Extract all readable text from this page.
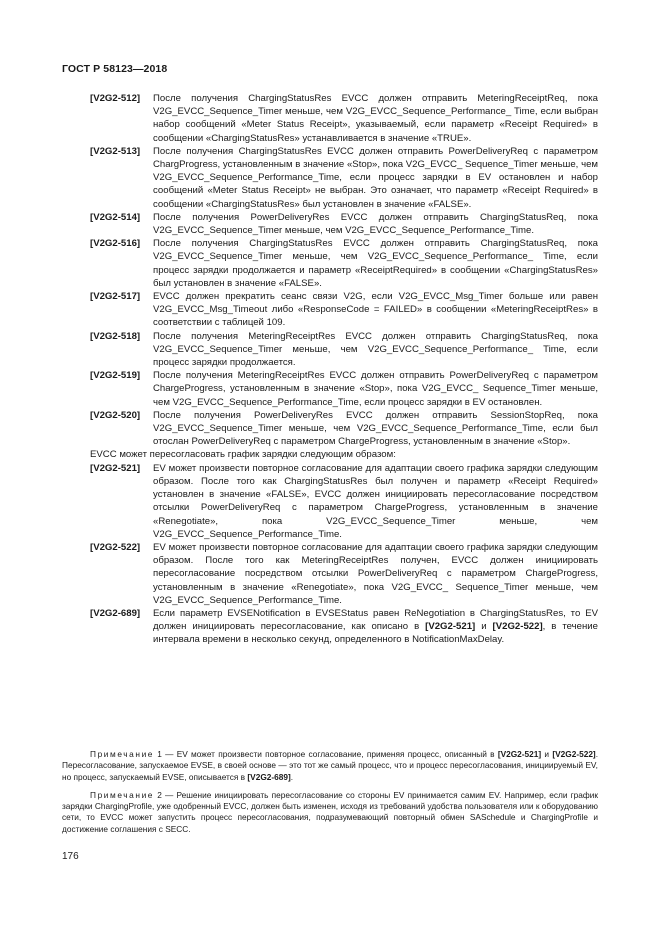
ГОСТ Р 58123—2018
[V2G2-512]	После получения ChargingStatusRes EVCC должен отправить MeteringReceiptReq, пока V2G_EVCC_Sequence_Timer меньше, чем V2G_EVCC_Sequence_Performance_ Time, если выбран набор сообщений «Meter Status Receipt», указываемый, если параметр «Receipt Required» в сообщении «ChargingStatusRes» устанавливается в значение «TRUE».
[V2G2-513]	После получения ChargingStatusRes EVCC должен отправить PowerDeliveryReq с параметром ChargProgress, установленным в значение «Stop», пока V2G_EVCC_ Sequence_Timer меньше, чем V2G_EVCC_Sequence_Performance_Time, если процесс зарядки в EV остановлен и набор сообщений «Meter Status Receipt» не выбран. Это означает, что параметр «Receipt Required» в сообщении «ChargingStatusRes» был установлен в значение «FALSE».
[V2G2-514]	После получения PowerDeliveryRes EVCC должен отправить ChargingStatusReq, пока V2G_EVCC_Sequence_Timer меньше, чем V2G_EVCC_Sequence_Performance_Time.
[V2G2-516]	После получения ChargingStatusRes EVCC должен отправить ChargingStatusReq, пока V2G_EVCC_Sequence_Timer меньше, чем V2G_EVCC_Sequence_Performance_ Time, если процесс зарядки продолжается и параметр «ReceiptRequired» в сообщении «ChargingStatusRes» был установлен в значение «FALSE».
[V2G2-517]	EVCC должен прекратить сеанс связи V2G, если V2G_EVCC_Msg_Timer больше или равен V2G_EVCC_Msg_Timeout либо «ResponseCode = FAILED» в сообщении «MeteringReceiptRes» в соответствии с таблицей 109.
[V2G2-518]	После получения MeteringReceiptRes EVCC должен отправить ChargingStatusReq, пока V2G_EVCC_Sequence_Timer меньше, чем V2G_EVCC_Sequence_Performance_ Time, если процесс зарядки продолжается.
[V2G2-519]	После получения MeteringReceiptRes EVCC должен отправить PowerDeliveryReq с параметром ChargeProgress, установленным в значение «Stop», пока V2G_EVCC_ Sequence_Timer меньше, чем V2G_EVCC_Sequence_Performance_Time, если процесс зарядки в EV остановлен.
[V2G2-520]	После получения PowerDeliveryRes EVCC должен отправить SessionStopReq, пока V2G_EVCC_Sequence_Timer меньше, чем V2G_EVCC_Sequence_Performance_Time, если был отослан PowerDeliveryReq с параметром ChargeProgress, установленным в значение «Stop».
EVCC может пересогласовать график зарядки следующим образом:
[V2G2-521]	EV может произвести повторное согласование для адаптации своего графика зарядки следующим образом. После того как ChargingStatusRes был получен и параметр «Receipt Required» установлен в значение «FALSE», EVCC должен инициировать пересогласование посредством отсылки PowerDeliveryReq с параметром ChargeProgress, установленным в значение «Renegotiate», пока V2G_EVCC_Sequence_Timer меньше, чем V2G_EVCC_Sequence_Performance_Time.
[V2G2-522]	EV может произвести повторное согласование для адаптации своего графика зарядки следующим образом. После того как MeteringReceiptRes получен, EVCC должен инициировать пересогласование посредством отсылки PowerDeliveryReq с параметром ChargeProgress, установленным в значение «Renegotiate», пока V2G_EVCC_ Sequence_Timer меньше, чем V2G_EVCC_Sequence_Performance_Time.
[V2G2-689]	Если параметр EVSENotification в EVSEStatus равен ReNegotiation в ChargingStatusRes, то EV должен инициировать пересогласование, как описано в [V2G2-521] и [V2G2-522], в течение интервала времени в несколько секунд, определенного в NotificationMaxDelay.
Примечание 1 — EV может произвести повторное согласование, применяя процесс, описанный в [V2G2-521] и [V2G2-522]. Пересогласование, запускаемое EVSE, в своей основе — это тот же самый процесс, что и процесс пересогласования, инициируемый EV, но процесс, запускаемый EVSE, описывается в [V2G2-689].
Примечание 2 — Решение инициировать пересогласование со стороны EV принимается самим EV. Например, если график зарядки ChargingProfile, уже одобренный EVCC, должен быть изменен, исходя из требований удобства пользователя или к оборудованию сети, то EVCC может запустить процесс пересогласования, подразумевающий повторный обмен SASchedule и ChargingProfile и достижение соглашения с SECC.
176
